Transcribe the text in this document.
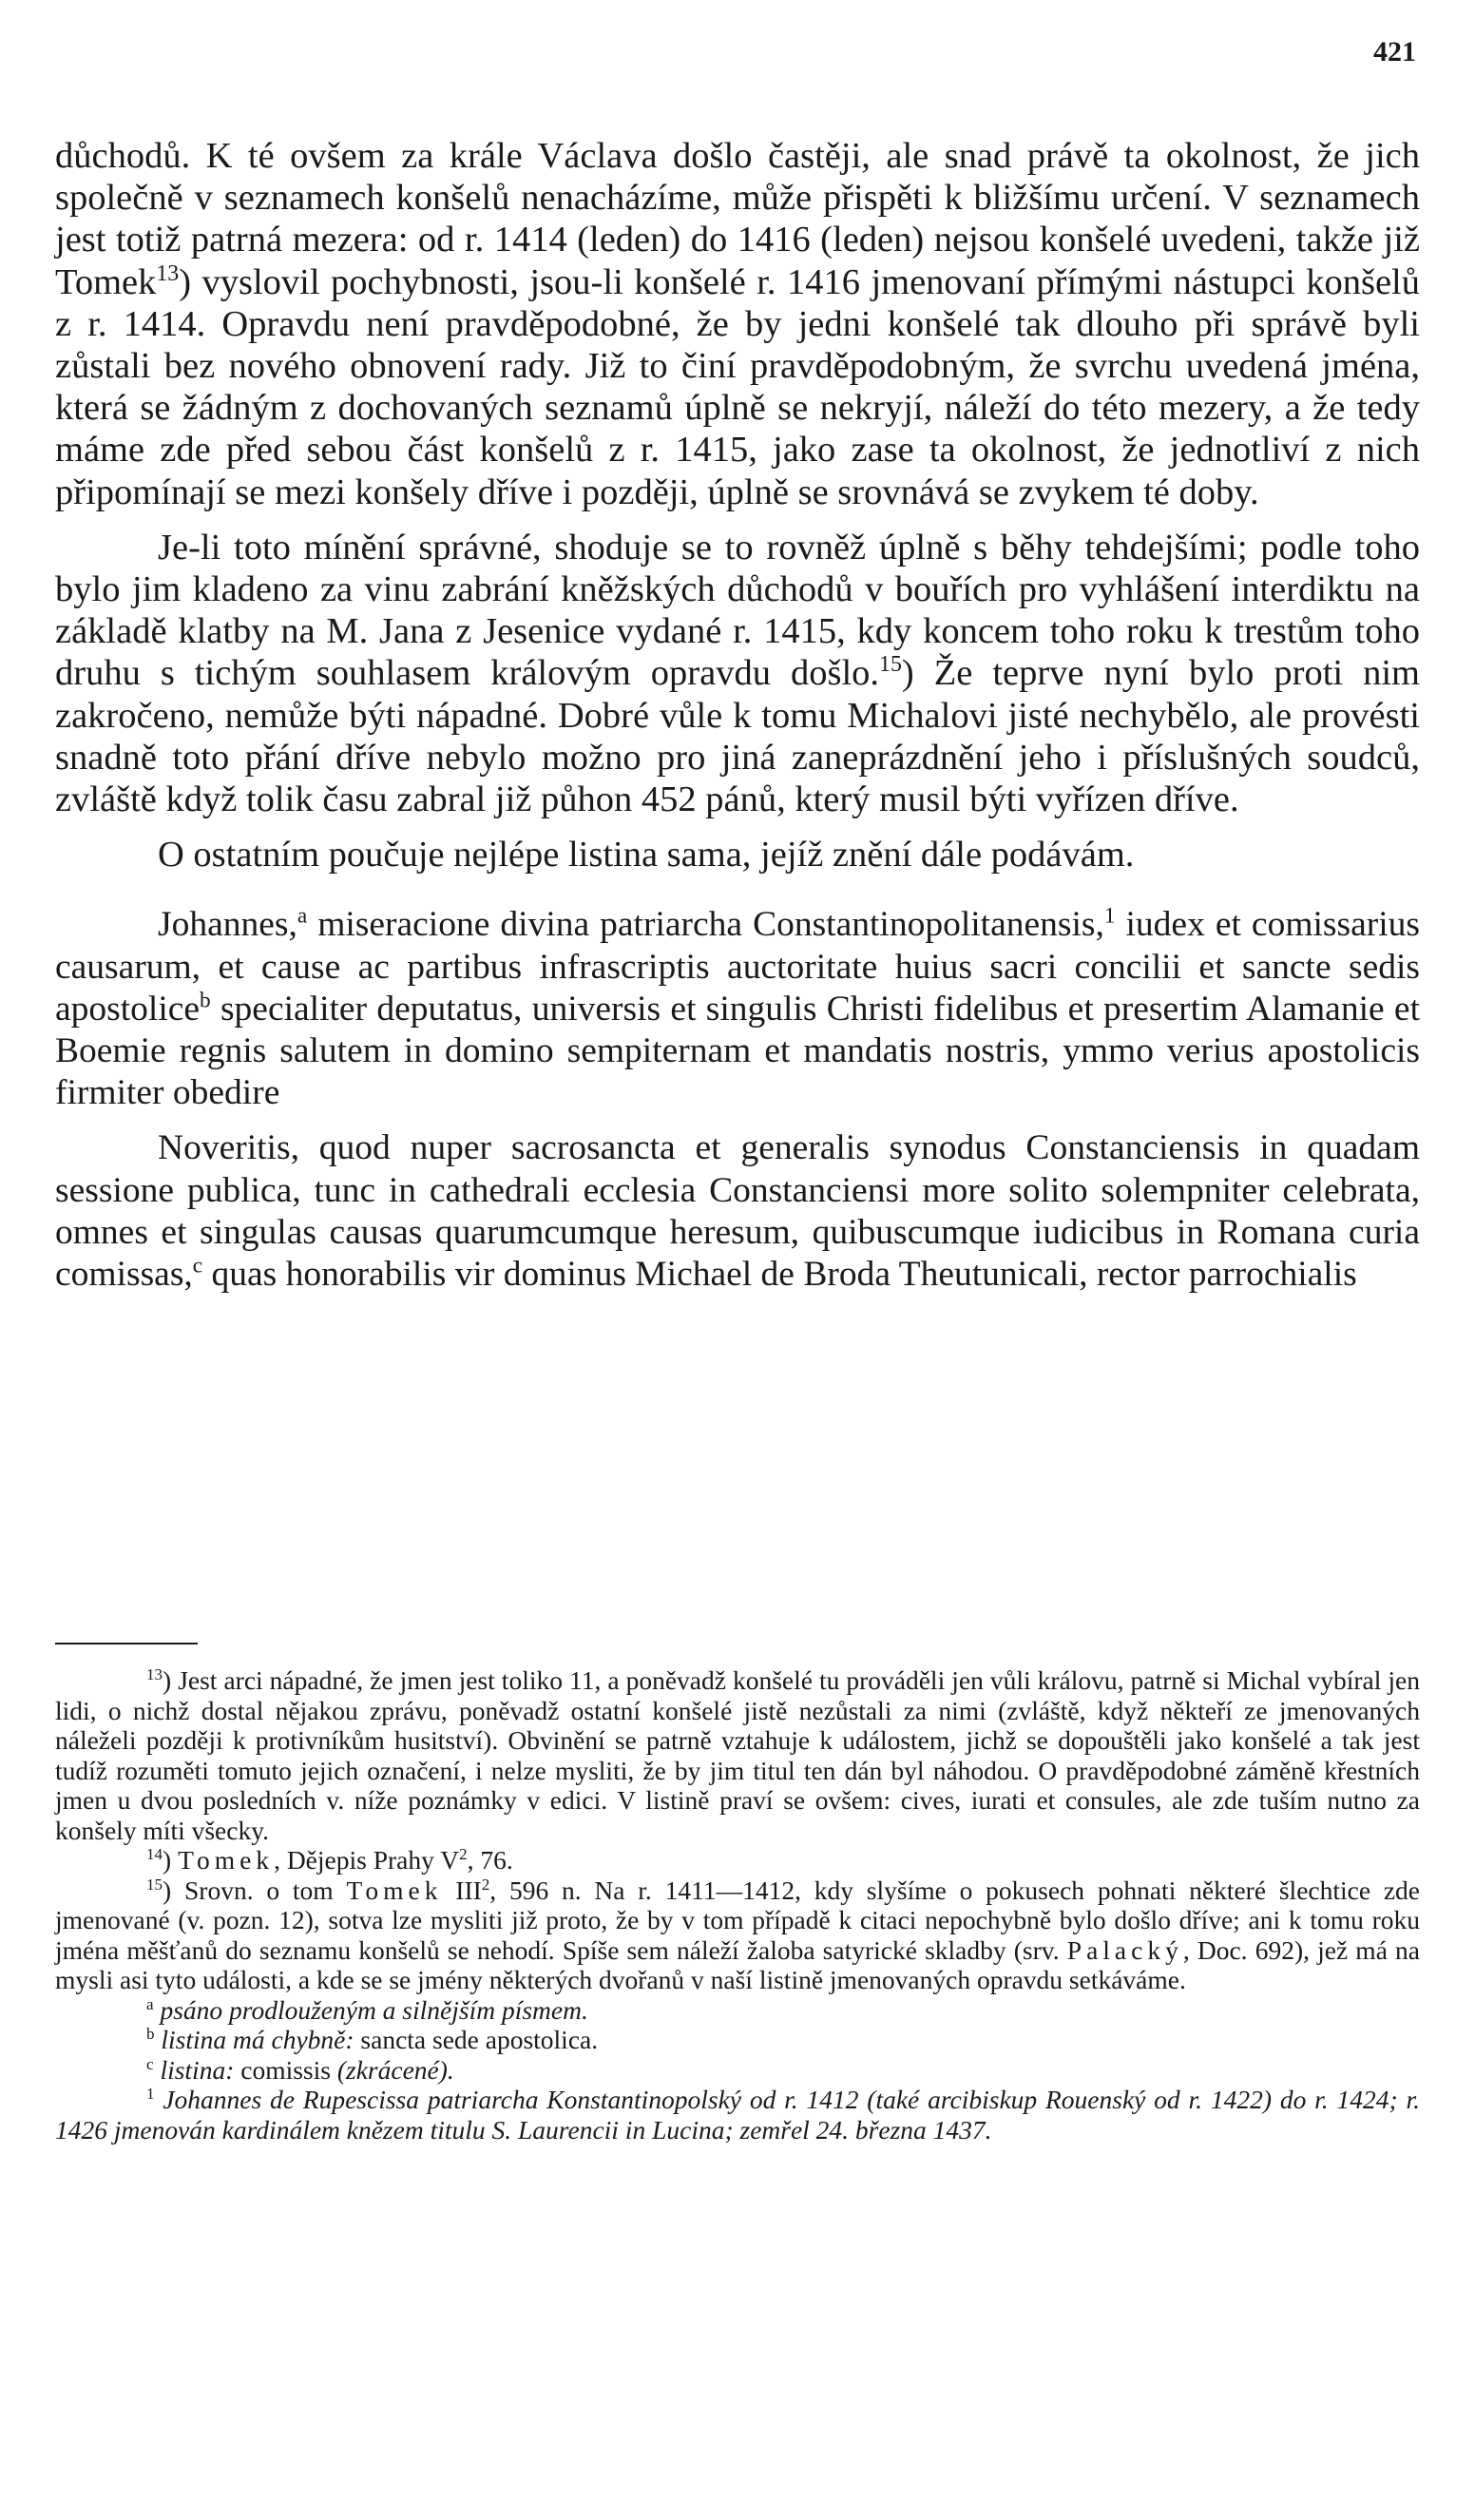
421

důchodů. K té ovšem za krále Václava došlo častěji, ale snad právě ta okolnost, že jich společně v seznamech konšelů nenacházíme, může přispěti k bližšímu určení. V seznamech jest totiž patrná mezera: od r. 1414 (leden) do 1416 (leden) nejsou konšelé uvedeni, takže již Tomek$^{13}$) vyslovil pochybnosti, jsou-li konšelé r. 1416 jmenovaní přímými nástupci konšelů z r. 1414. Opravdu není pravděpodobné, že by jedni konšelé tak dlouho při správě byli zůstali bez nového obnovení rady. Již to činí pravděpodobným, že svrchu uvedená jména, která se žádným z dochovaných seznamů úplně se nekryjí, náleží do této mezery, a že tedy máme zde před sebou část konšelů z r. 1415, jako zase ta okolnost, že jednotliví z nich připomínají se mezi konšely dříve i později, úplně se srovnává se zvykem té doby.

Je-li toto mínění správné, shoduje se to rovněž úplně s běhy tehdejšími; podle toho bylo jim kladeno za vinu zabrání kněžských důchodů v bouřích pro vyhlášení interdiktu na základě klatby na M. Jana z Jesenice vydané r. 1415, kdy koncem toho roku k trestům toho druhu s tichým souhlasem královým opravdu došlo.$^{15}$) Že teprve nyní bylo proti nim zakročeno, nemůže býti nápadné. Dobré vůle k tomu Michalovi jisté nechybělo, ale provésti snadně toto přání dříve nebylo možno pro jiná zaneprázdnění jeho i příslušných soudců, zvláště když tolik času zabral již půhon 452 pánů, který musil býti vyřízen dříve.

O ostatním poučuje nejlépe listina sama, jejíž znění dále podávám.

Johannes,$^a$ miseracione divina patriarcha Constantinopolitanensis,$^1$ iudex et comissarius causarum, et cause ac partibus infrascriptis auctoritate huius sacri concilii et sancte sedis apostolice$^b$ specialiter deputatus, universis et singulis Christi fidelibus et presertim Alamanie et Boemie regnis salutem in domino sempiternam et mandatis nostris, ymmo verius apostolicis firmiter obedire

Noveritis, quod nuper sacrosancta et generalis synodus Constanciensis in quadam sessione publica, tunc in cathedrali ecclesia Constanciensi more solito solempniter celebrata, omnes et singulas causas quarumcumque heresum, quibuscumque iudicibus in Romana curia comissas,$^c$ quas honorabilis vir dominus Michael de Broda Theutunicali, rector parrochialis

$^{13}$) Jest arci nápadné, že jmen jest toliko 11, a poněvadž konšelé tu prováděli jen vůli královu, patrně si Michal vybíral jen lidi, o nichž dostal nějakou zprávu, poněvadž ostatní konšelé jistě nezůstali za nimi (zvláště, když někteří ze jmenovaných náleželi později k protivníkům husitství). Obvinění se patrně vztahuje k událostem, jichž se dopouštěli jako konšelé a tak jest tudíž rozuměti tomuto jejich označení, i nelze mysliti, že by jim titul ten dán byl náhodou. O pravděpodobné záměně křestních jmen u dvou posledních v. níže poznámky v edici. V listině praví se ovšem: cives, iurati et consules, ale zde tuším nutno za konšely míti všecky.

$^{14}$) Tomek, Dějepis Prahy $V^2$, 76.

$^{15}$) Srovn. o tom Tomek III$^2$, 596 n. Na r. 1411—1412, kdy slyšíme o pokusech pohnati některé šlechtice zde jmenované (v. pozn. 12), sotva lze mysliti již proto, že by v tom případě k citaci nepochybně bylo došlo dříve; ani k tomu roku jména měšťanů do seznamu konšelů se nehodí. Spíše sem náleží žaloba satyrické skladby (srv. Palacký, Doc. 692), jež má na mysli asi tyto události, a kde se se jmény některých dvořanů v naší listině jmenovaných opravdu setkáváme.

$^a$ psáno prodlouženým a silnějším písmem.

$^b$ listina má chybně: sancta sede apostolica.

$^c$ listina: comissis (zkrácené).

$^1$ Johannes de Rupescissa patriarcha Konstantinopolský od r. 1412 (také arcibiskup Rouenský od r. 1422) do r. 1424; r. 1426 jmenován kardinálem knězem titulu S. Laurencii in Lucina; zemřel 24. března 1437.
